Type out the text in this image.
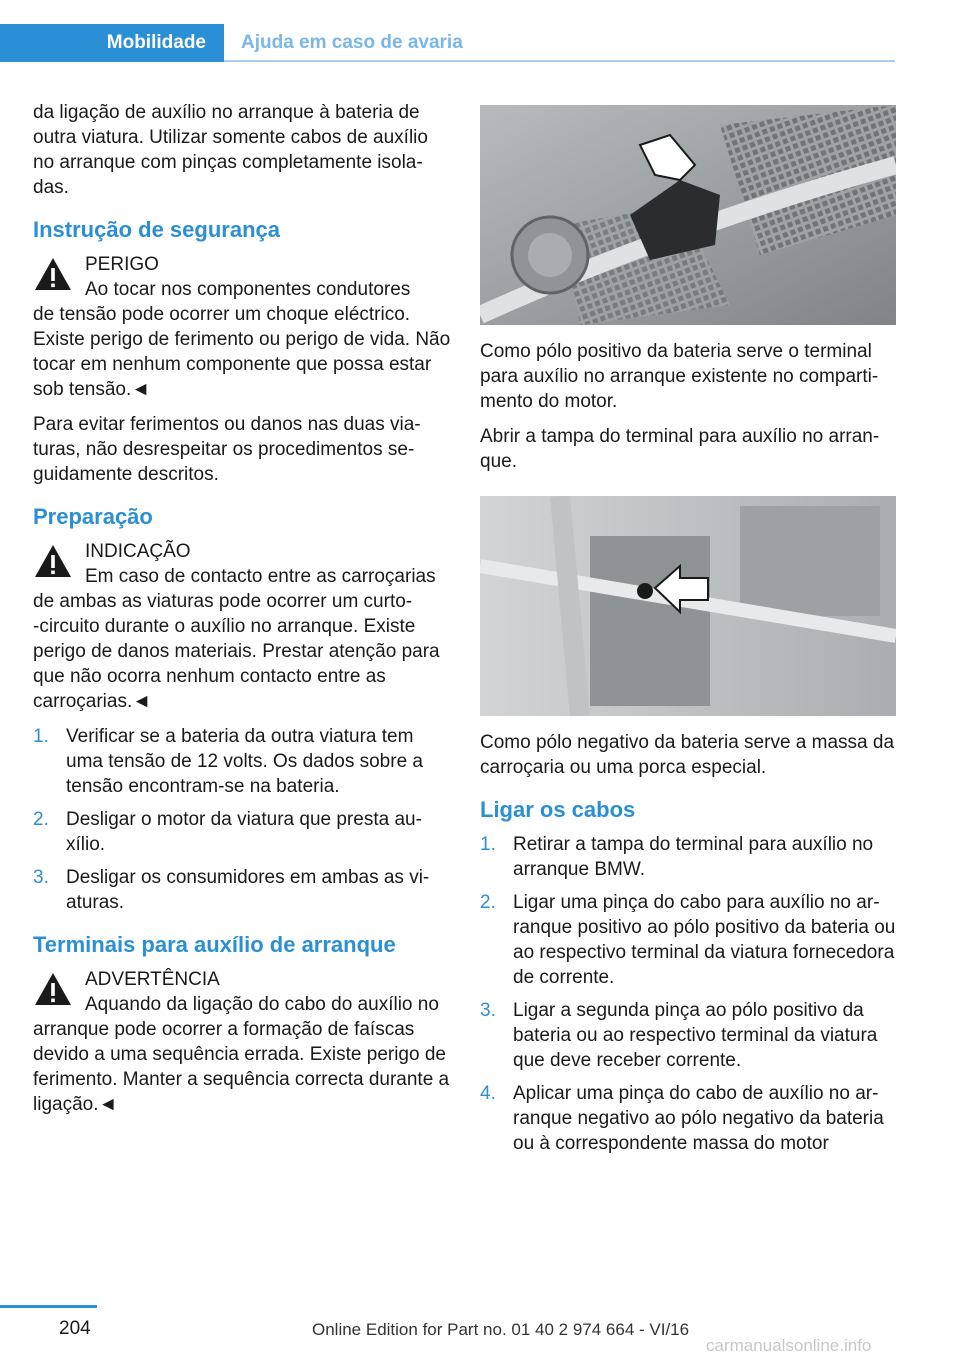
Mobilidade	Ajuda em caso de avaria

da ligação de auxílio no arranque à bateria de outra viatura. Utilizar somente cabos de auxílio no arranque com pinças completamente isoladas.

Instrução de segurança
PERIGO
Ao tocar nos componentes condutores
de tensão pode ocorrer um choque eléctrico. Existe perigo de ferimento ou perigo de vida. Não tocar em nenhum componente que possa estar sob tensão.◄

Para evitar ferimentos ou danos nas duas viaturas, não desrespeitar os procedimentos seguidamente descritos.

Preparação
INDICAÇÃO
Em caso de contacto entre as carroçarias
de ambas as viaturas pode ocorrer um curto-‑circuito durante o auxílio no arranque. Existe perigo de danos materiais. Prestar atenção para que não ocorra nenhum contacto entre as carroçarias.◄
1. Verificar se a bateria da outra viatura tem uma tensão de 12 volts. Os dados sobre a tensão encontram-se na bateria.
2. Desligar o motor da viatura que presta auxílio.
3. Desligar os consumidores em ambas as viaturas.
Terminais para auxílio de arranque
ADVERTÊNCIA
Aquando da ligação do cabo do auxílio no
arranque pode ocorrer a formação de faíscas devido a uma sequência errada. Existe perigo de ferimento. Manter a sequência correcta durante a ligação.◄

Como pólo positivo da bateria serve o terminal para auxílio no arranque existente no compartimento do motor.

Abrir a tampa do terminal para auxílio no arranque.

Como pólo negativo da bateria serve a massa da carroçaria ou uma porca especial.

Ligar os cabos
1. Retirar a tampa do terminal para auxílio no arranque BMW.
2. Ligar uma pinça do cabo para auxílio no arranque positivo ao pólo positivo da bateria ou ao respectivo terminal da viatura fornecedora de corrente.
3. Ligar a segunda pinça ao pólo positivo da bateria ou ao respectivo terminal da viatura que deve receber corrente.
4. Aplicar uma pinça do cabo de auxílio no arranque negativo ao pólo negativo da bateria ou à correspondente massa do motor
204	Online Edition for Part no. 01 40 2 974 664 - VI/16
carmanualsonline.info
